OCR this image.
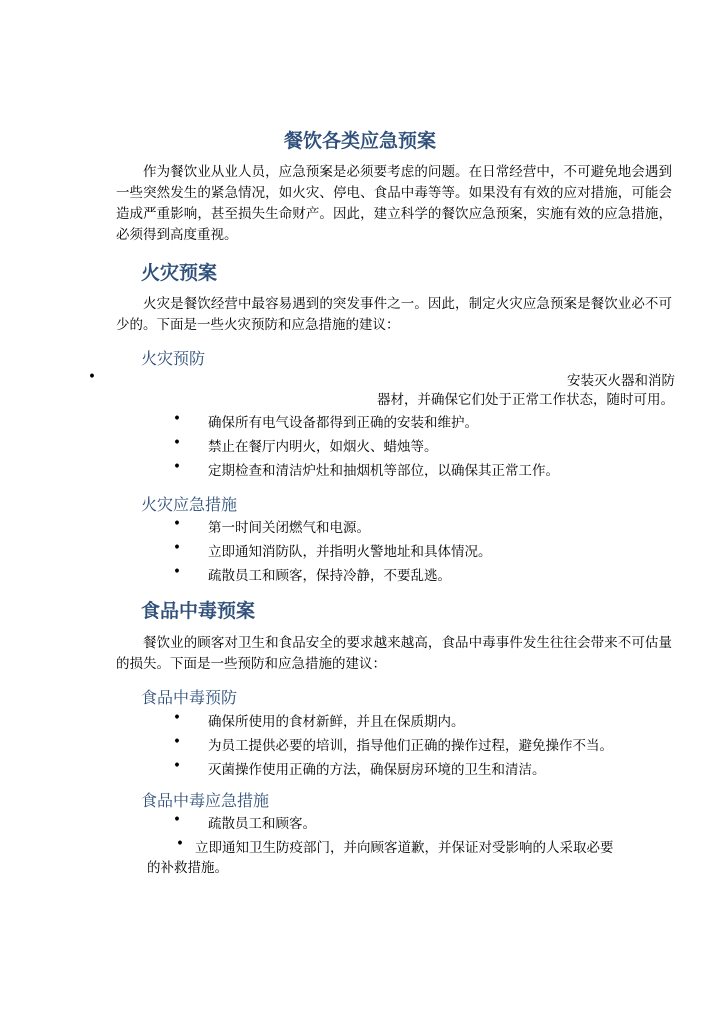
餐饮各类应急预案

作为餐饮业从业人员，应急预案是必须要考虑的问题。在日常经营中，不可避免地会遇到一些突然发生的紧急情况，如火灾、停电、食品中毒等等。如果没有有效的应对措施，可能会造成严重影响，甚至损失生命财产。因此，建立科学的餐饮应急预案，实施有效的应急措施，必须得到高度重视。

火灾预案

火灾是餐饮经营中最容易遇到的突发事件之一。因此，制定火灾应急预案是餐饮业必不可少的。下面是一些火灾预防和应急措施的建议：

火灾预防
•	安装灭火器和消防
器材，并确保它们处于正常工作状态，随时可用。
• 确保所有电气设备都得到正确的安装和维护。
• 禁止在餐厅内明火，如烟火、蜡烛等。
• 定期检查和清洁炉灶和抽烟机等部位，以确保其正常工作。
火灾应急措施
• 第一时间关闭燃气和电源。
• 立即通知消防队，并指明火警地址和具体情况。
• 疏散员工和顾客，保持冷静，不要乱逃。
食品中毒预案

餐饮业的顾客对卫生和食品安全的要求越来越高，食品中毒事件发生往往会带来不可估量的损失。下面是一些预防和应急措施的建议：

食品中毒预防
• 确保所使用的食材新鲜，并且在保质期内。
• 为员工提供必要的培训，指导他们正确的操作过程，避免操作不当。
• 灭菌操作使用正确的方法，确保厨房环境的卫生和清洁。
食品中毒应急措施
• 疏散员工和顾客。
• 立即通知卫生防疫部门，并向顾客道歉，并保证对受影响的人采取必要
的补救措施。
